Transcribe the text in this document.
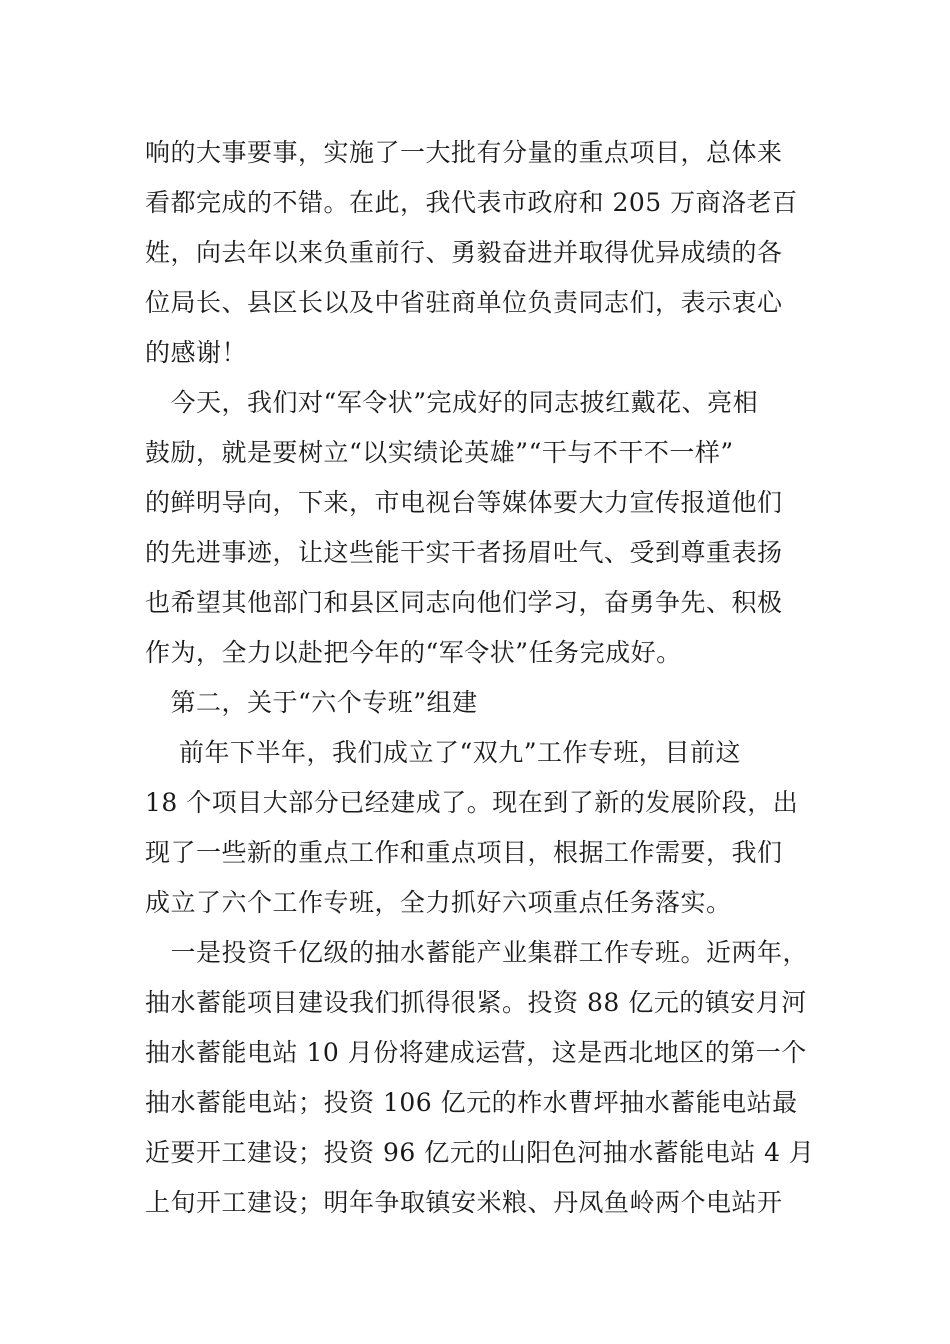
响的大事要事，实施了一大批有分量的重点项目，总体来
看都完成的不错。在此，我代表市政府和 205 万商洛老百
姓，向去年以来负重前行、勇毅奋进并取得优异成绩的各
位局长、县区长以及中省驻商单位负责同志们，表示衷心
的感谢！
　今天，我们对“军令状”完成好的同志披红戴花、亮相
鼓励，就是要树立“以实绩论英雄”“干与不干不一样”
的鲜明导向，下来，市电视台等媒体要大力宣传报道他们
的先进事迹，让这些能干实干者扬眉吐气、受到尊重表扬
也希望其他部门和县区同志向他们学习，奋勇争先、积极
作为，全力以赴把今年的“军令状”任务完成好。
　第二，关于“六个专班”组建
　 前年下半年，我们成立了“双九”工作专班，目前这
18 个项目大部分已经建成了。现在到了新的发展阶段，出
现了一些新的重点工作和重点项目，根据工作需要，我们
成立了六个工作专班，全力抓好六项重点任务落实。
　一是投资千亿级的抽水蓄能产业集群工作专班。近两年，
抽水蓄能项目建设我们抓得很紧。投资 88 亿元的镇安月河
抽水蓄能电站 10 月份将建成运营，这是西北地区的第一个
抽水蓄能电站；投资 106 亿元的柞水曹坪抽水蓄能电站最
近要开工建设；投资 96 亿元的山阳色河抽水蓄能电站 4 月
上旬开工建设；明年争取镇安米粮、丹凤鱼岭两个电站开
